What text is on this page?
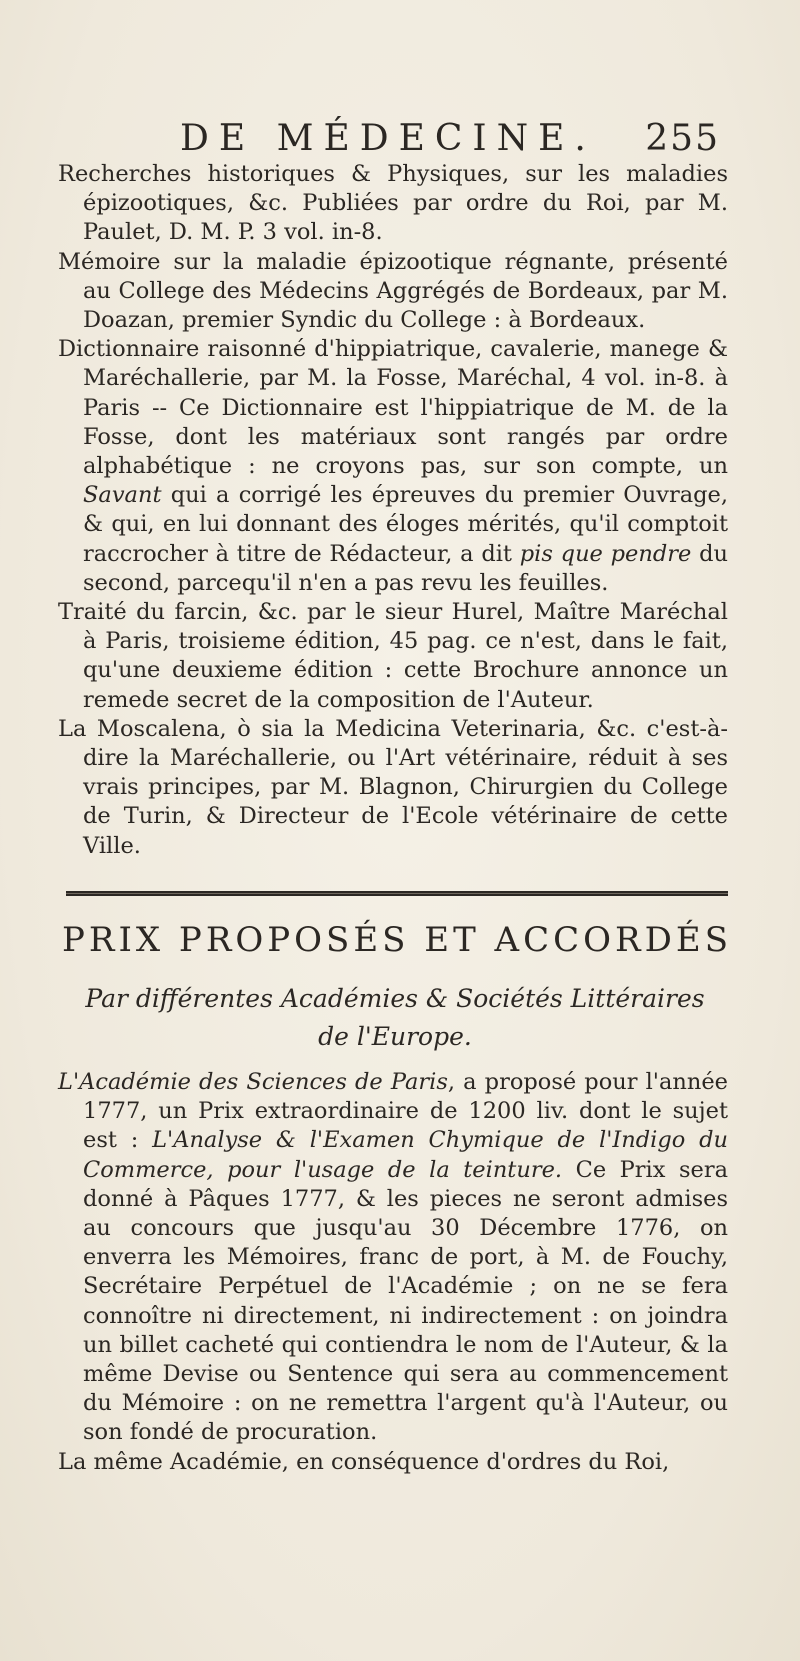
DE MÉDECINE. 255

Recherches historiques & Physiques, sur les maladies épizootiques, &c. Publiées par ordre du Roi, par M. Paulet, D. M. P. 3 vol. in-8.

Mémoire sur la maladie épizootique régnante, présenté au College des Médecins Aggrégés de Bordeaux, par M. Doazan, premier Syndic du College : à Bordeaux.

Dictionnaire raisonné d'hippiatrique, cavalerie, manege & Maréchallerie, par M. la Fosse, Maréchal, 4 vol. in-8. à Paris -- Ce Dictionnaire est l'hippiatrique de M. de la Fosse, dont les matériaux sont rangés par ordre alphabétique : ne croyons pas, sur son compte, un Savant qui a corrigé les épreuves du premier Ouvrage, & qui, en lui donnant des éloges mérités, qu'il comptoit raccrocher à titre de Rédacteur, a dit pis que pendre du second, parcequ'il n'en a pas revu les feuilles.

Traité du farcin, &c. par le sieur Hurel, Maître Maréchal à Paris, troisieme édition, 45 pag. ce n'est, dans le fait, qu'une deuxieme édition : cette Brochure annonce un remede secret de la composition de l'Auteur.

La Moscalena, ò sia la Medicina Veterinaria, &c. c'est-à-dire la Maréchallerie, ou l'Art vétérinaire, réduit à ses vrais principes, par M. Blagnon, Chirurgien du College de Turin, & Directeur de l'Ecole vétérinaire de cette Ville.

PRIX PROPOSÉS ET ACCORDÉS
Par différentes Académies & Sociétés Littéraires
de l'Europe.

L'Académie des Sciences de Paris, a proposé pour l'année 1777, un Prix extraordinaire de 1200 liv. dont le sujet est : L'Analyse & l'Examen Chymique de l'Indigo du Commerce, pour l'usage de la teinture. Ce Prix sera donné à Pâques 1777, & les pieces ne seront admises au concours que jusqu'au 30 Décembre 1776, on enverra les Mémoires, franc de port, à M. de Fouchy, Secrétaire Perpétuel de l'Académie ; on ne se fera connoître ni directement, ni indirectement : on joindra un billet cacheté qui contiendra le nom de l'Auteur, & la même Devise ou Sentence qui sera au commencement du Mémoire : on ne remettra l'argent qu'à l'Auteur, ou son fondé de procuration.

La même Académie, en conséquence d'ordres du Roi,
